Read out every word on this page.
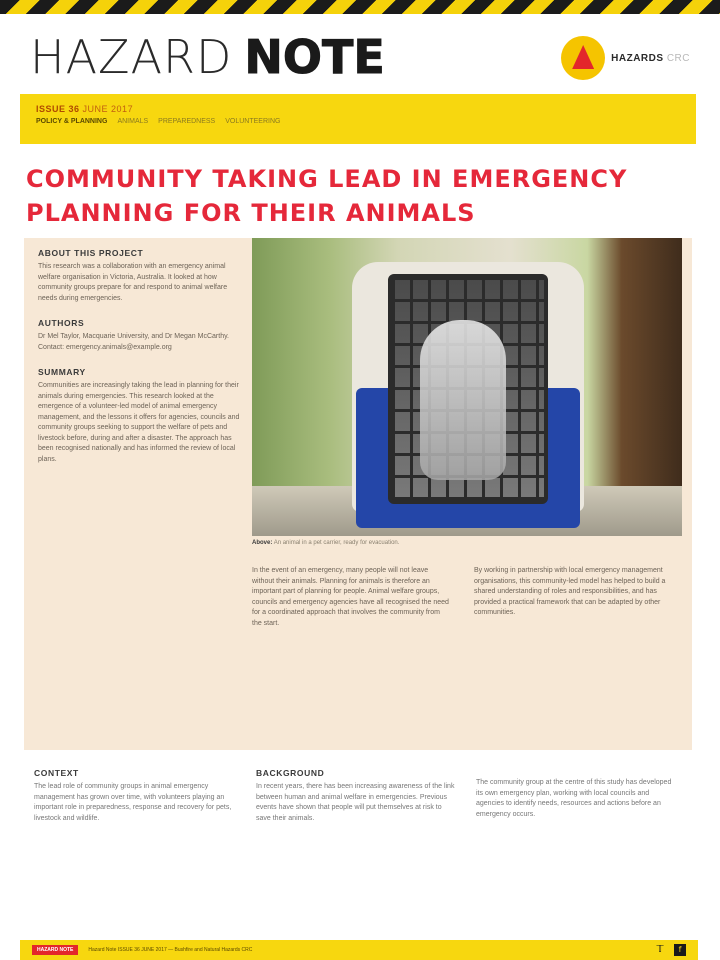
HAZARD NOTE	HAZARDS CRC
ISSUE 36 JUNE 2017
POLICY & PLANNING ANIMALS PREPAREDNESS VOLUNTEERING
COMMUNITY TAKING LEAD IN EMERGENCY
PLANNING FOR THEIR ANIMALS
ABOUT THIS PROJECT
This research was a collaboration with an emergency animal welfare organisation in Victoria, Australia. It looked at how community groups prepare for and respond to animal welfare needs during emergencies.
AUTHORS
Dr Mel Taylor, Macquarie University, and Dr Megan McCarthy. Contact: emergency.animals@example.org
SUMMARY
Communities are increasingly taking the lead in planning for their animals during emergencies. This research looked at the emergence of a volunteer-led model of animal emergency management, and the lessons it offers for agencies, councils and community groups seeking to support the welfare of pets and livestock before, during and after a disaster. The approach has been recognised nationally and has informed the review of local plans.
Above: An animal in a pet carrier, ready for evacuation.
In the event of an emergency, many people will not leave without their animals. Planning for animals is therefore an important part of planning for people. Animal welfare groups, councils and emergency agencies have all recognised the need for a coordinated approach that involves the community from the start.
By working in partnership with local emergency management organisations, this community-led model has helped to build a shared understanding of roles and responsibilities, and has provided a practical framework that can be adapted by other communities.
CONTEXT
The lead role of community groups in animal emergency management has grown over time, with volunteers playing an important role in preparedness, response and recovery for pets, livestock and wildlife.
BACKGROUND
In recent years, there has been increasing awareness of the link between human and animal welfare in emergencies. Previous events have shown that people will put themselves at risk to save their animals.
The community group at the centre of this study has developed its own emergency plan, working with local councils and agencies to identify needs, resources and actions before an emergency occurs.
HAZARD NOTE	Hazard Note ISSUE 36 JUNE 2017 — Bushfire and Natural Hazards CRC	𝕋	f
